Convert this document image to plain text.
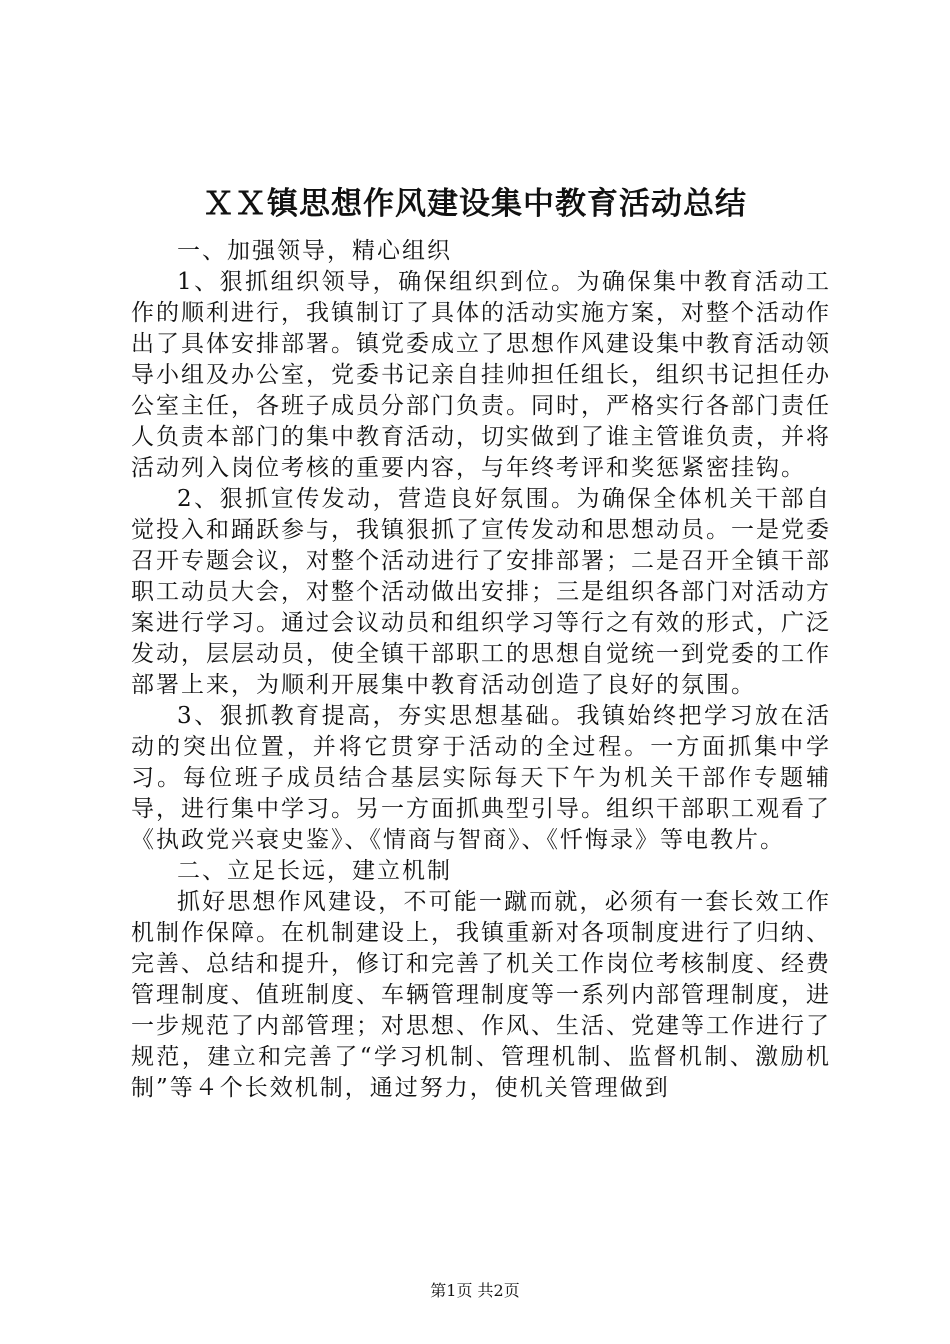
ＸＸ镇思想作风建设集中教育活动总结

一、加强领导，精心组织

1、狠抓组织领导，确保组织到位。为确保集中教育活动工作的顺利进行，我镇制订了具体的活动实施方案，对整个活动作出了具体安排部署。镇党委成立了思想作风建设集中教育活动领导小组及办公室，党委书记亲自挂帅担任组长，组织书记担任办公室主任，各班子成员分部门负责。同时，严格实行各部门责任人负责本部门的集中教育活动，切实做到了谁主管谁负责，并将活动列入岗位考核的重要内容，与年终考评和奖惩紧密挂钩。

2、狠抓宣传发动，营造良好氛围。为确保全体机关干部自觉投入和踊跃参与，我镇狠抓了宣传发动和思想动员。一是党委召开专题会议，对整个活动进行了安排部署；二是召开全镇干部职工动员大会，对整个活动做出安排；三是组织各部门对活动方案进行学习。通过会议动员和组织学习等行之有效的形式，广泛发动，层层动员，使全镇干部职工的思想自觉统一到党委的工作部署上来，为顺利开展集中教育活动创造了良好的氛围。

3、狠抓教育提高，夯实思想基础。我镇始终把学习放在活动的突出位置，并将它贯穿于活动的全过程。一方面抓集中学习。每位班子成员结合基层实际每天下午为机关干部作专题辅导，进行集中学习。另一方面抓典型引导。组织干部职工观看了《执政党兴衰史鉴》、《情商与智商》、《忏悔录》等电教片。

二、立足长远，建立机制

抓好思想作风建设，不可能一蹴而就，必须有一套长效工作机制作保障。在机制建设上，我镇重新对各项制度进行了归纳、完善、总结和提升，修订和完善了机关工作岗位考核制度、经费管理制度、值班制度、车辆管理制度等一系列内部管理制度，进一步规范了内部管理；对思想、作风、生活、党建等工作进行了规范，建立和完善了“学习机制、管理机制、监督机制、激励机制”等４个长效机制，通过努力，使机关管理做到

第1页 共2页
